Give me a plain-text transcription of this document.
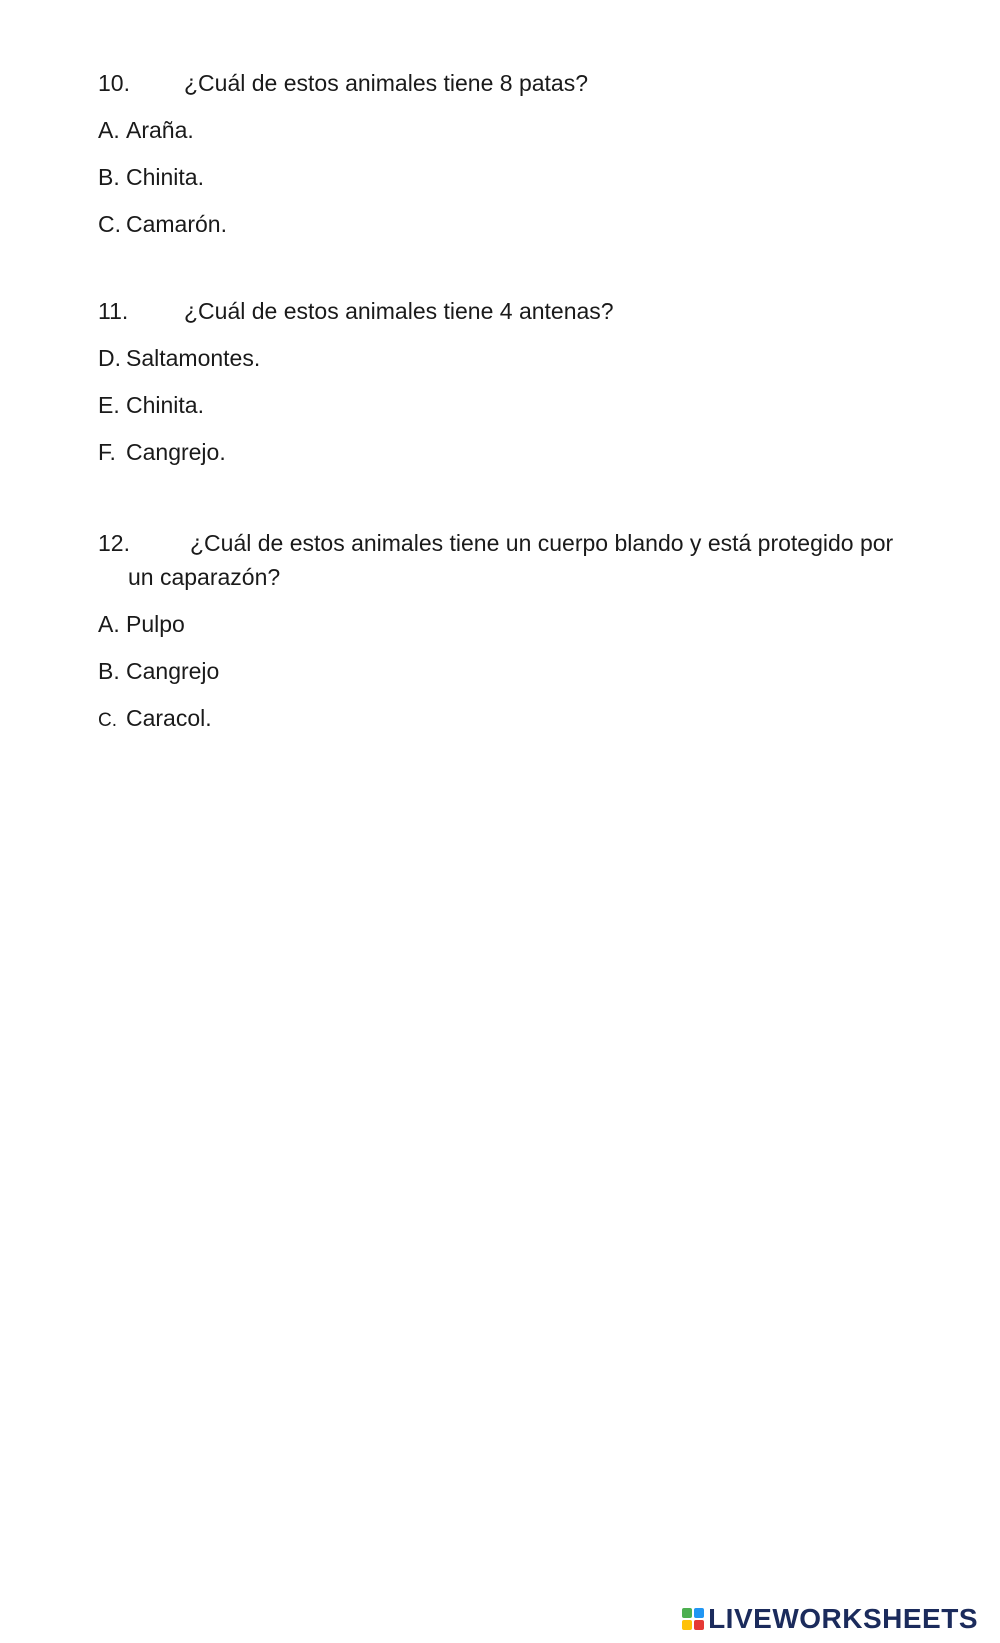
10.	¿Cuál de estos animales tiene 8 patas?
A. Araña.
B. Chinita.
C. Camarón.
11.	¿Cuál de estos animales tiene 4 antenas?
D. Saltamontes.
E. Chinita.
F. Cangrejo.
12.	¿Cuál de estos animales tiene un cuerpo blando y está protegido por
un caparazón?
A. Pulpo
B. Cangrejo
C. Caracol.
LIVEWORKSHEETS
